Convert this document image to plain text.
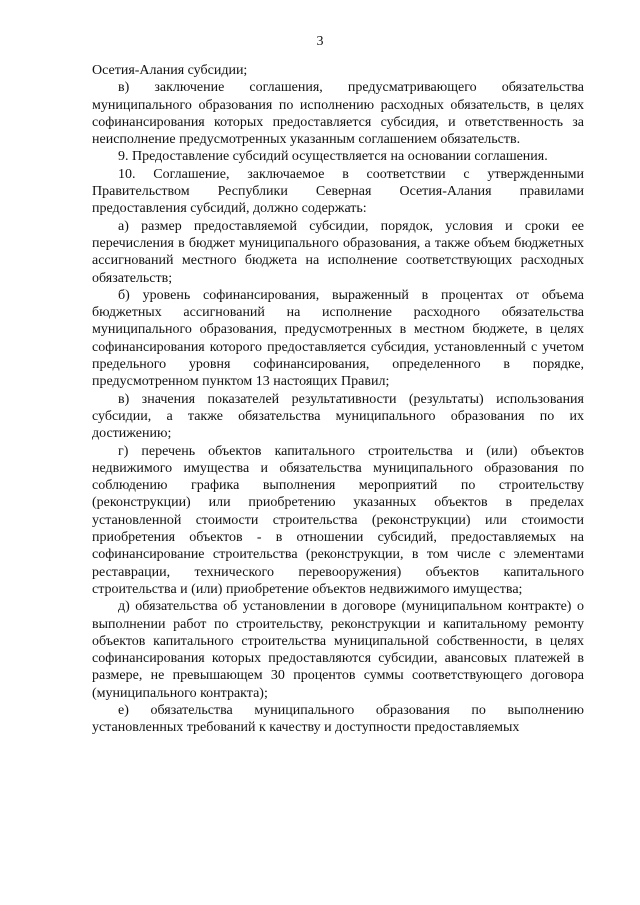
3

Осетия-Алания субсидии;

в) заключение соглашения, предусматривающего обязательства муниципального образования по исполнению расходных обязательств, в целях софинансирования которых предоставляется субсидия, и ответственность за неисполнение предусмотренных указанным соглашением обязательств.

9. Предоставление субсидий осуществляется на основании соглашения.

10. Соглашение, заключаемое в соответствии с утвержденными Правительством Республики Северная Осетия-Алания правилами предоставления субсидий, должно содержать:

а) размер предоставляемой субсидии, порядок, условия и сроки ее перечисления в бюджет муниципального образования, а также объем бюджетных ассигнований местного бюджета на исполнение соответствующих расходных обязательств;

б) уровень софинансирования, выраженный в процентах от объема бюджетных ассигнований на исполнение расходного обязательства муниципального образования, предусмотренных в местном бюджете, в целях софинансирования которого предоставляется субсидия, установленный с учетом предельного уровня софинансирования, определенного в порядке, предусмотренном пунктом 13 настоящих Правил;

в) значения показателей результативности (результаты) использования субсидии, а также обязательства муниципального образования по их достижению;

г) перечень объектов капитального строительства и (или) объектов недвижимого имущества и обязательства муниципального образования по соблюдению графика выполнения мероприятий по строительству (реконструкции) или приобретению указанных объектов в пределах установленной стоимости строительства (реконструкции) или стоимости приобретения объектов - в отношении субсидий, предоставляемых на софинансирование строительства (реконструкции, в том числе с элементами реставрации, технического перевооружения) объектов капитального строительства и (или) приобретение объектов недвижимого имущества;

д) обязательства об установлении в договоре (муниципальном контракте) о выполнении работ по строительству, реконструкции и капитальному ремонту объектов капитального строительства муниципальной собственности, в целях софинансирования которых предоставляются субсидии, авансовых платежей в размере, не превышающем 30 процентов суммы соответствующего договора (муниципального контракта);

е) обязательства муниципального образования по выполнению установленных требований к качеству и доступности предоставляемых
